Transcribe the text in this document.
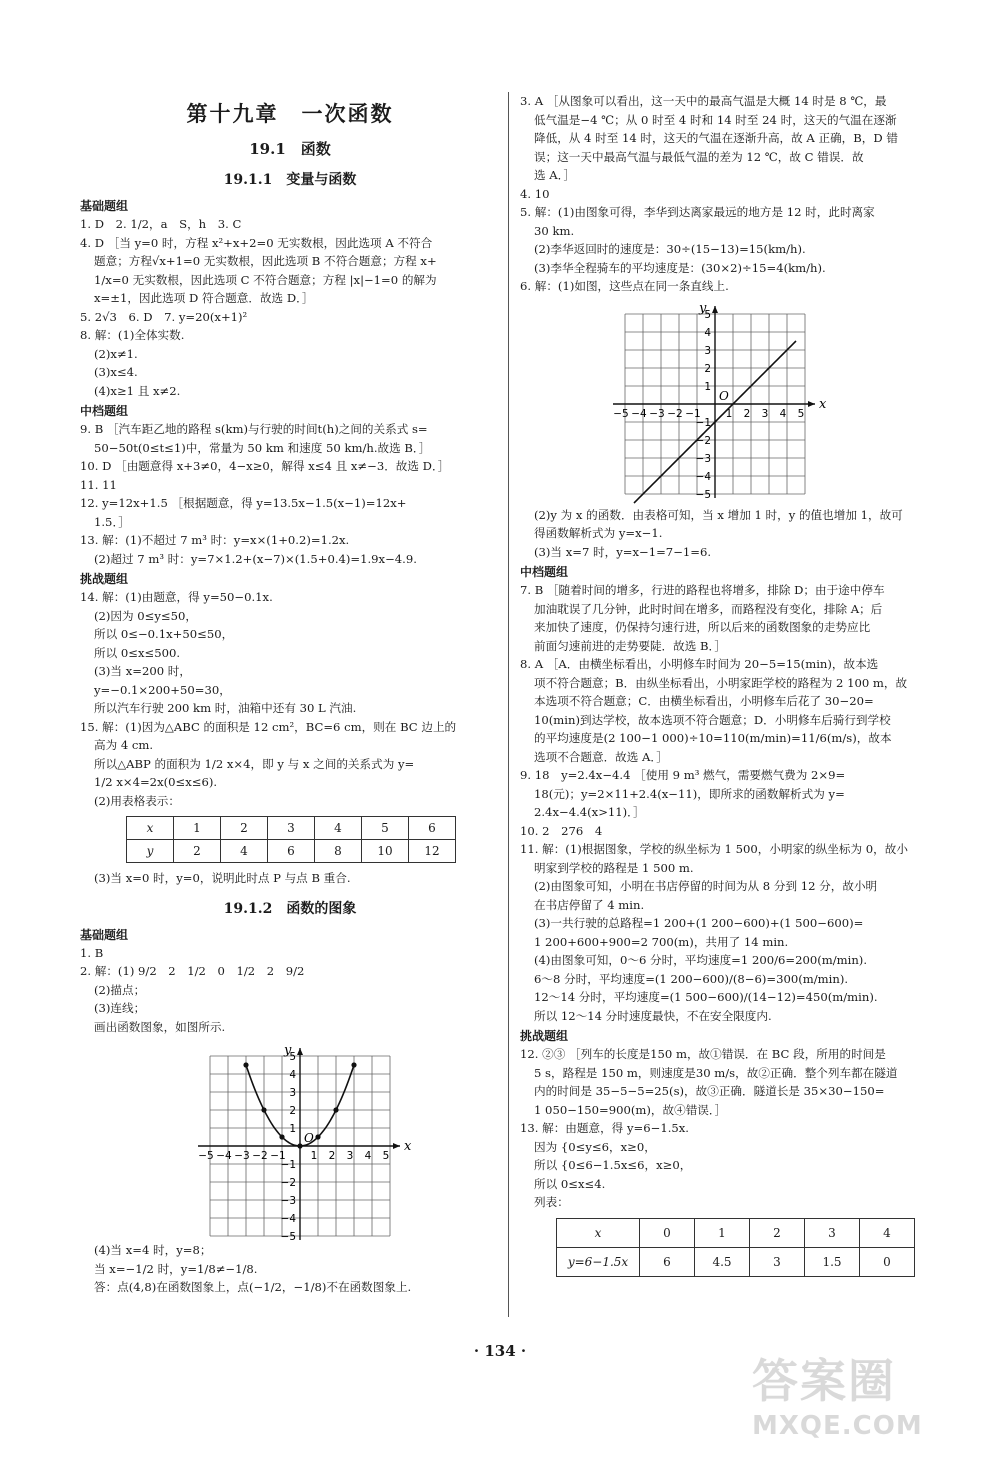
第十九章　一次函数
19.1　函数
19.1.1　变量与函数
基础题组
1. D　2. 1/2，a　S，h　3. C
4. D ［当 y=0 时，方程 x²+x+2=0 无实数根，因此选项 A 不符合
题意；方程√x+1=0 无实数根，因此选项 B 不符合题意；方程 x+
1/x=0 无实数根，因此选项 C 不符合题意；方程 |x|−1=0 的解为
x=±1，因此选项 D 符合题意．故选 D．］
5. 2√3　6. D　7. y=20(x+1)²
8. 解：(1)全体实数.
(2)x≠1.
(3)x≤4.
(4)x≥1 且 x≠2.
中档题组
9. B ［汽车距乙地的路程 s(km)与行驶的时间t(h)之间的关系式 s=
50−50t(0≤t≤1)中，常量为 50 km 和速度 50 km/h.故选 B．］
10. D ［由题意得 x+3≠0，4−x≥0，解得 x≤4 且 x≠−3．故选 D．］
11. 11
12. y=12x+1.5 ［根据题意，得 y=13.5x−1.5(x−1)=12x+
1.5．］
13. 解：(1)不超过 7 m³ 时：y=x×(1+0.2)=1.2x.
(2)超过 7 m³ 时：y=7×1.2+(x−7)×(1.5+0.4)=1.9x−4.9.
挑战题组
14. 解：(1)由题意，得 y=50−0.1x.
(2)因为 0≤y≤50，
所以 0≤−0.1x+50≤50，
所以 0≤x≤500.
(3)当 x=200 时，
y=−0.1×200+50=30，
所以汽车行驶 200 km 时，油箱中还有 30 L 汽油.
15. 解：(1)因为△ABC 的面积是 12 cm²，BC=6 cm，则在 BC 边上的
高为 4 cm.
所以△ABP 的面积为 1/2 x×4，即 y 与 x 之间的关系式为 y=
1/2 x×4=2x(0≤x≤6).
(2)用表格表示：
x	1	2	3	4	5	6
y	2	4	6	8	10	12
(3)当 x=0 时，y=0，说明此时点 P 与点 B 重合.
19.1.2　函数的图象
基础题组
1. B
2. 解：(1) 9/2　2　1/2　0　1/2　2　9/2
(2)描点；
(3)连线；
画出函数图象，如图所示.
x
y
O
−5 −4 −3 −2 −1 1 2 3 4 5
5
4
3
2
1
−1
−2
−3
−4
−5
(4)当 x=4 时，y=8；
当 x=−1/2 时，y=1/8≠−1/8.
答：点(4,8)在函数图象上，点(−1/2，−1/8)不在函数图象上.
3. A ［从图象可以看出，这一天中的最高气温是大概 14 时是 8 ℃，最
低气温是−4 ℃；从 0 时至 4 时和 14 时至 24 时，这天的气温在逐渐
降低，从 4 时至 14 时，这天的气温在逐渐升高，故 A 正确，B，D 错
误；这一天中最高气温与最低气温的差为 12 ℃，故 C 错误．故
选 A．］
4. 10
5. 解：(1)由图象可得，李华到达离家最远的地方是 12 时，此时离家
30 km.
(2)李华返回时的速度是：30÷(15−13)=15(km/h).
(3)李华全程骑车的平均速度是：(30×2)÷15=4(km/h).
6. 解：(1)如图，这些点在同一条直线上.
x
y
O
−5 −4 −3 −2 −1 1 2 3 4 5
5
4
3
2
1
−1
−2
−3
−4
−5
(2)y 为 x 的函数．由表格可知，当 x 增加 1 时，y 的值也增加 1，故可
得函数解析式为 y=x−1.
(3)当 x=7 时，y=x−1=7−1=6.
中档题组
7. B ［随着时间的增多，行进的路程也将增多，排除 D；由于途中停车
加油耽误了几分钟，此时时间在增多，而路程没有变化，排除 A；后
来加快了速度，仍保持匀速行进，所以后来的函数图象的走势应比
前面匀速前进的走势要陡．故选 B．］
8. A ［A．由横坐标看出，小明修车时间为 20−5=15(min)，故本选
项不符合题意；B．由纵坐标看出，小明家距学校的路程为 2 100 m，故
本选项不符合题意；C．由横坐标看出，小明修车后花了 30−20=
10(min)到达学校，故本选项不符合题意；D．小明修车后骑行到学校
的平均速度是(2 100−1 000)÷10=110(m/min)=11/6(m/s)，故本
选项不合题意．故选 A．］
9. 18　y=2.4x−4.4 ［使用 9 m³ 燃气，需要燃气费为 2×9=
18(元)；y=2×11+2.4(x−11)，即所求的函数解析式为 y=
2.4x−4.4(x>11)．］
10. 2　276　4
11. 解：(1)根据图象，学校的纵坐标为 1 500，小明家的纵坐标为 0，故小
明家到学校的路程是 1 500 m.
(2)由图象可知，小明在书店停留的时间为从 8 分到 12 分，故小明
在书店停留了 4 min.
(3)一共行驶的总路程=1 200+(1 200−600)+(1 500−600)=
1 200+600+900=2 700(m)，共用了 14 min.
(4)由图象可知，0～6 分时，平均速度=1 200/6=200(m/min).
6～8 分时，平均速度=(1 200−600)/(8−6)=300(m/min).
12～14 分时，平均速度=(1 500−600)/(14−12)=450(m/min).
所以 12～14 分时速度最快，不在安全限度内.
挑战题组
12. ②③ ［列车的长度是150 m，故①错误．在 BC 段，所用的时间是
5 s，路程是 150 m，则速度是30 m/s，故②正确．整个列车都在隧道
内的时间是 35−5−5=25(s)，故③正确．隧道长是 35×30−150=
1 050−150=900(m)，故④错误．］
13. 解：由题意，得 y=6−1.5x.
因为 {0≤y≤6，x≥0，
所以 {0≤6−1.5x≤6，x≥0，
所以 0≤x≤4.
列表：
x	0	1	2	3	4
y=6−1.5x	6	4.5	3	1.5	0
· 134 ·
答案圈
MXQE.COM
